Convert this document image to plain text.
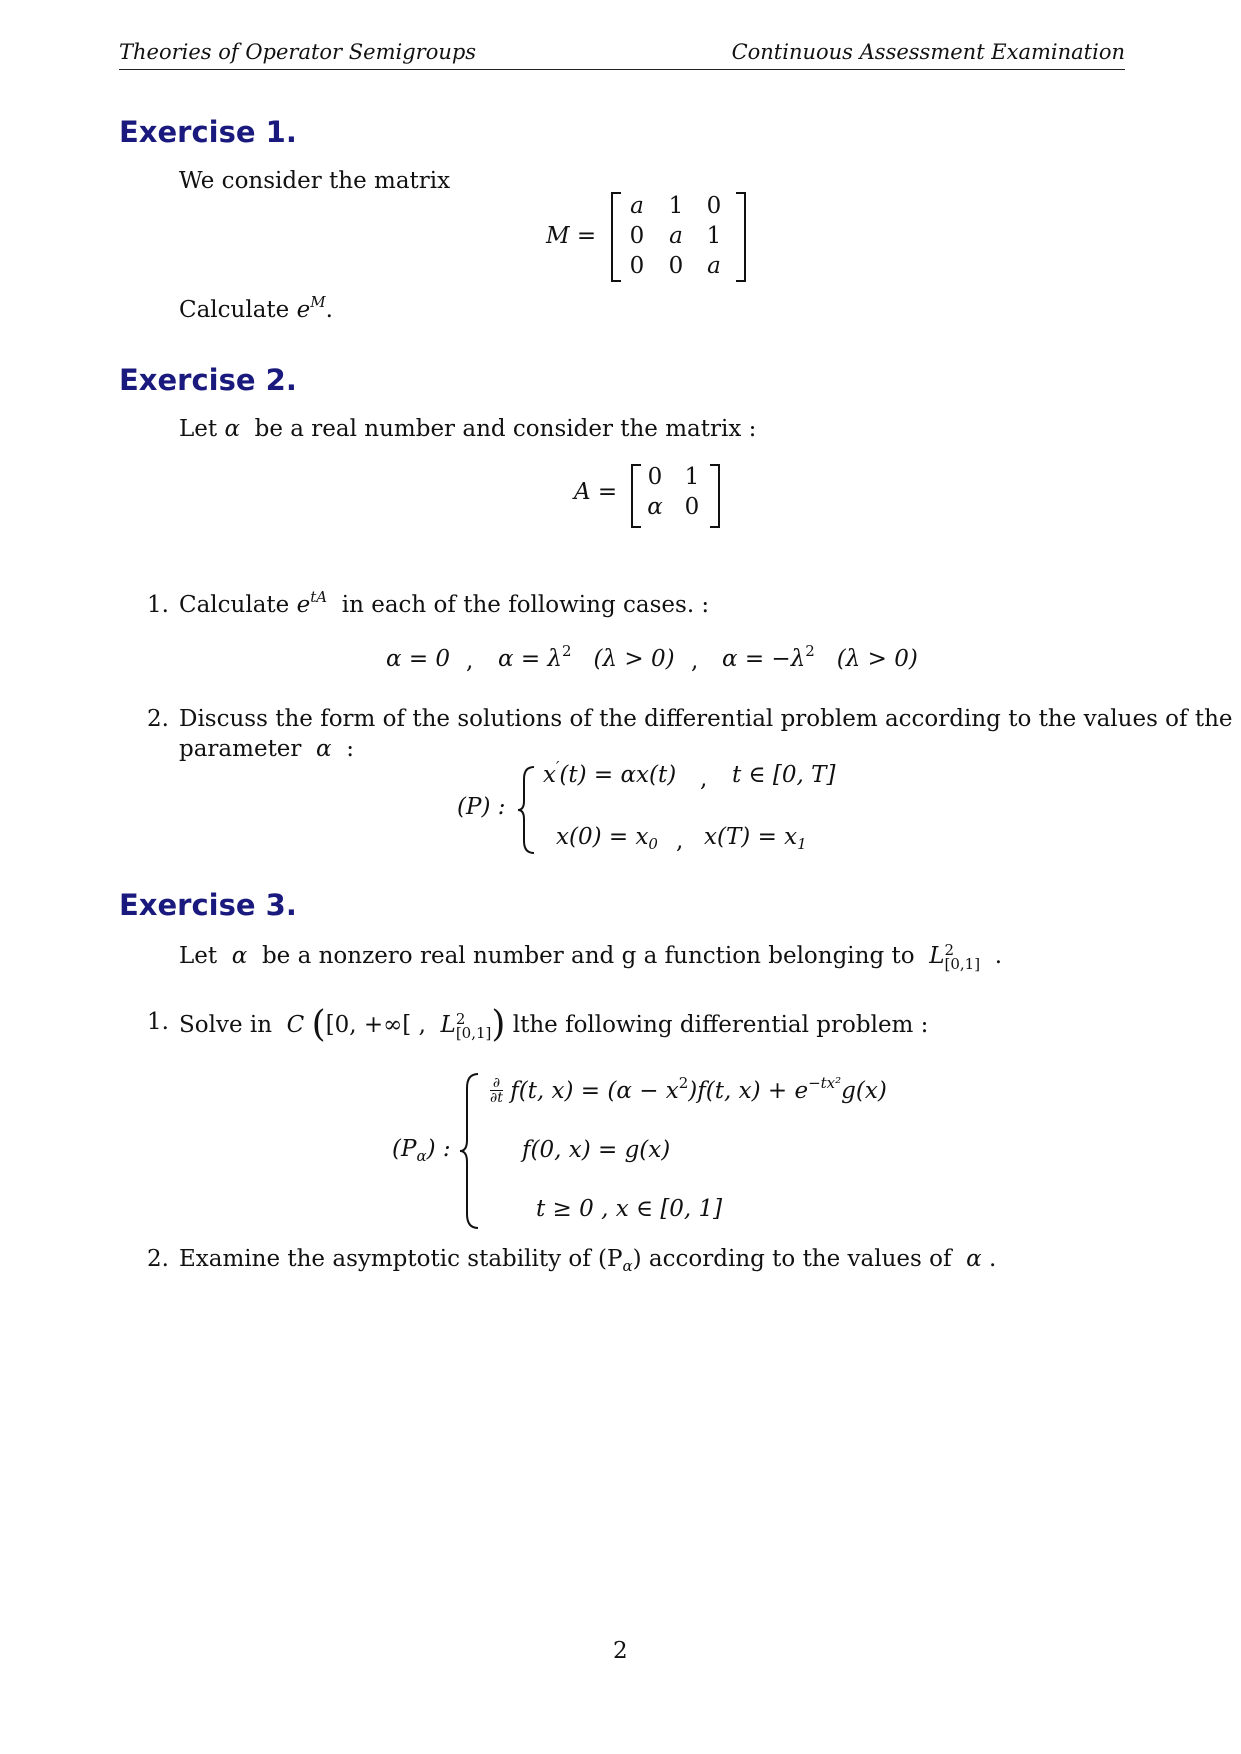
Theories of Operator Semigroups	Continuous Assessment Examination
Exercise 1.
We consider the matrix
M =
a	1	0
0	a	1
0	0	a
Calculate $e^M$.
Exercise 2.
Let α be a real number and consider the matrix :
A =
0 1
α 0
1. Calculate $e^{tA}$ in each of the following cases. :
α = 0 , $\alpha = \lambda^2$ (λ > 0) , $\alpha = -\lambda^2$ (λ > 0)
2. Discuss the form of the solutions of the differential problem according to the values of the
parameter α :
(P) :
x′(t) = αx(t) , t ∈ [0, T]
$x(0) = x_0$ , $x(T) = x_1$
Exercise 3.
Let α be a nonzero real number and g a function belonging to L 2
[0,1] .
1. Solve in C ([0, +∞[ , L 2
[0,1] ) lthe following differential problem :
$(P_\alpha)$ :
∂
∂t f(t, $x) = (\alpha - x^2)f(t$, $x) + e^{-tx^2}g(x)$
f(0, x) = g(x)
t ≥ 0 , x ∈ [0, 1]
2. Examine the asymptotic stability of $(P_\alpha)$ according to the values of α .
2
